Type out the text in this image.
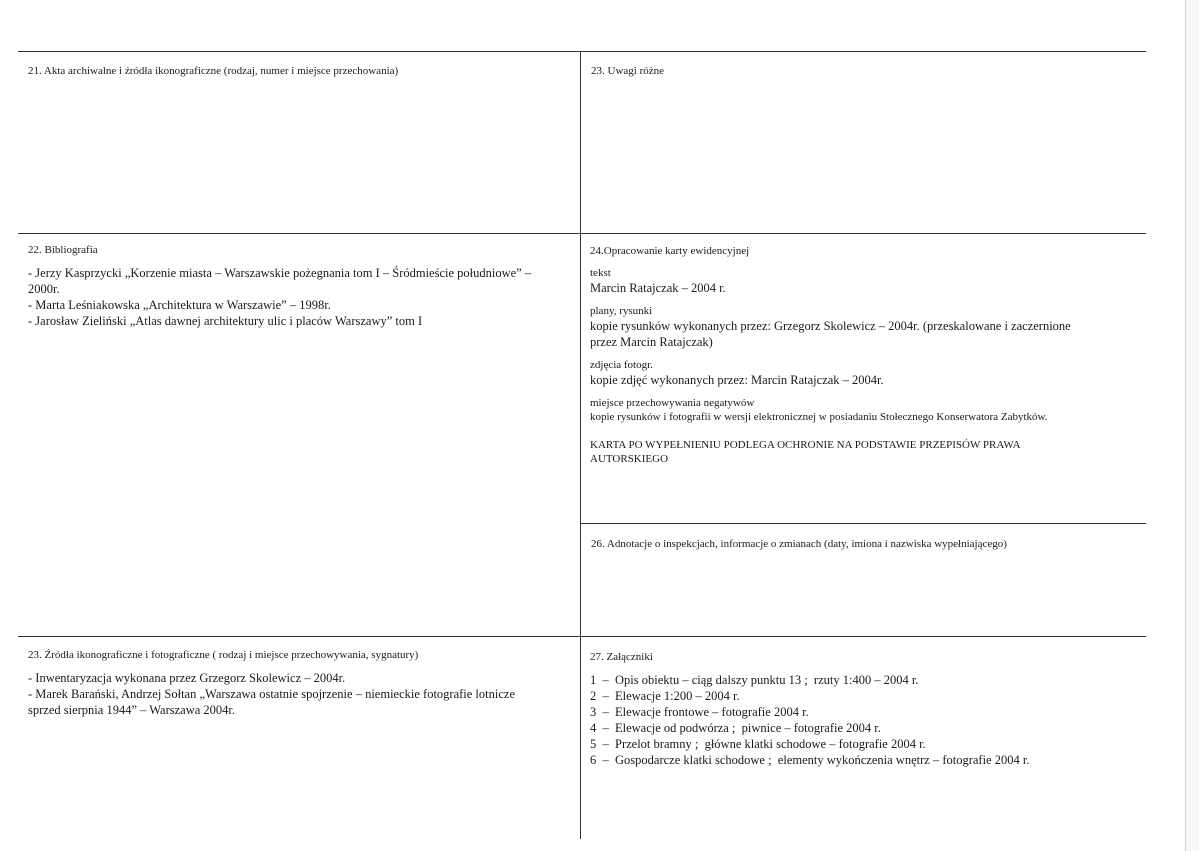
21. Akta archiwalne i źródła ikonograficzne (rodzaj, numer i miejsce przechowania)	23. Uwagi różne
22. Bibliografia
- Jerzy Kasprzycki „Korzenie miasta – Warszawskie pożegnania tom I – Śródmieście południowe” – 2000r.
- Marta Leśniakowska „Architektura w Warszawie” – 1998r.
- Jarosław Zieliński „Atlas dawnej architektury ulic i placów Warszawy” tom I
24.Opracowanie karty ewidencyjnej
tekst
Marcin Ratajczak – 2004 r.
plany, rysunki
kopie rysunków wykonanych przez: Grzegorz Skolewicz – 2004r. (przeskalowane i zaczernione przez Marcin Ratajczak)
zdjęcia fotogr.
kopie zdjęć wykonanych przez: Marcin Ratajczak – 2004r.
miejsce przechowywania negatywów
kopie rysunków i fotografii w wersji elektronicznej w posiadaniu Stołecznego Konserwatora Zabytków.
KARTA PO WYPEŁNIENIU PODLEGA OCHRONIE NA PODSTAWIE PRZEPISÓW PRAWA AUTORSKIEGO
26. Adnotacje o inspekcjach, informacje o zmianach (daty, imiona i nazwiska wypełniającego)
23. Źródła ikonograficzne i fotograficzne ( rodzaj i miejsce przechowywania, sygnatury)
- Inwentaryzacja wykonana przez Grzegorz Skolewicz – 2004r.
- Marek Barański, Andrzej Sołtan „Warszawa ostatnie spojrzenie – niemieckie fotografie lotnicze sprzed sierpnia 1944” – Warszawa 2004r.
27. Załączniki
1  –  Opis obiektu – ciąg dalszy punktu 13 ;  rzuty 1:400 – 2004 r.
2  –  Elewacje 1:200 – 2004 r.
3  –  Elewacje frontowe – fotografie 2004 r.
4  –  Elewacje od podwórza ;  piwnice – fotografie 2004 r.
5  –  Przelot bramny ;  główne klatki schodowe – fotografie 2004 r.
6  –  Gospodarcze klatki schodowe ;  elementy wykończenia wnętrz – fotografie 2004 r.
